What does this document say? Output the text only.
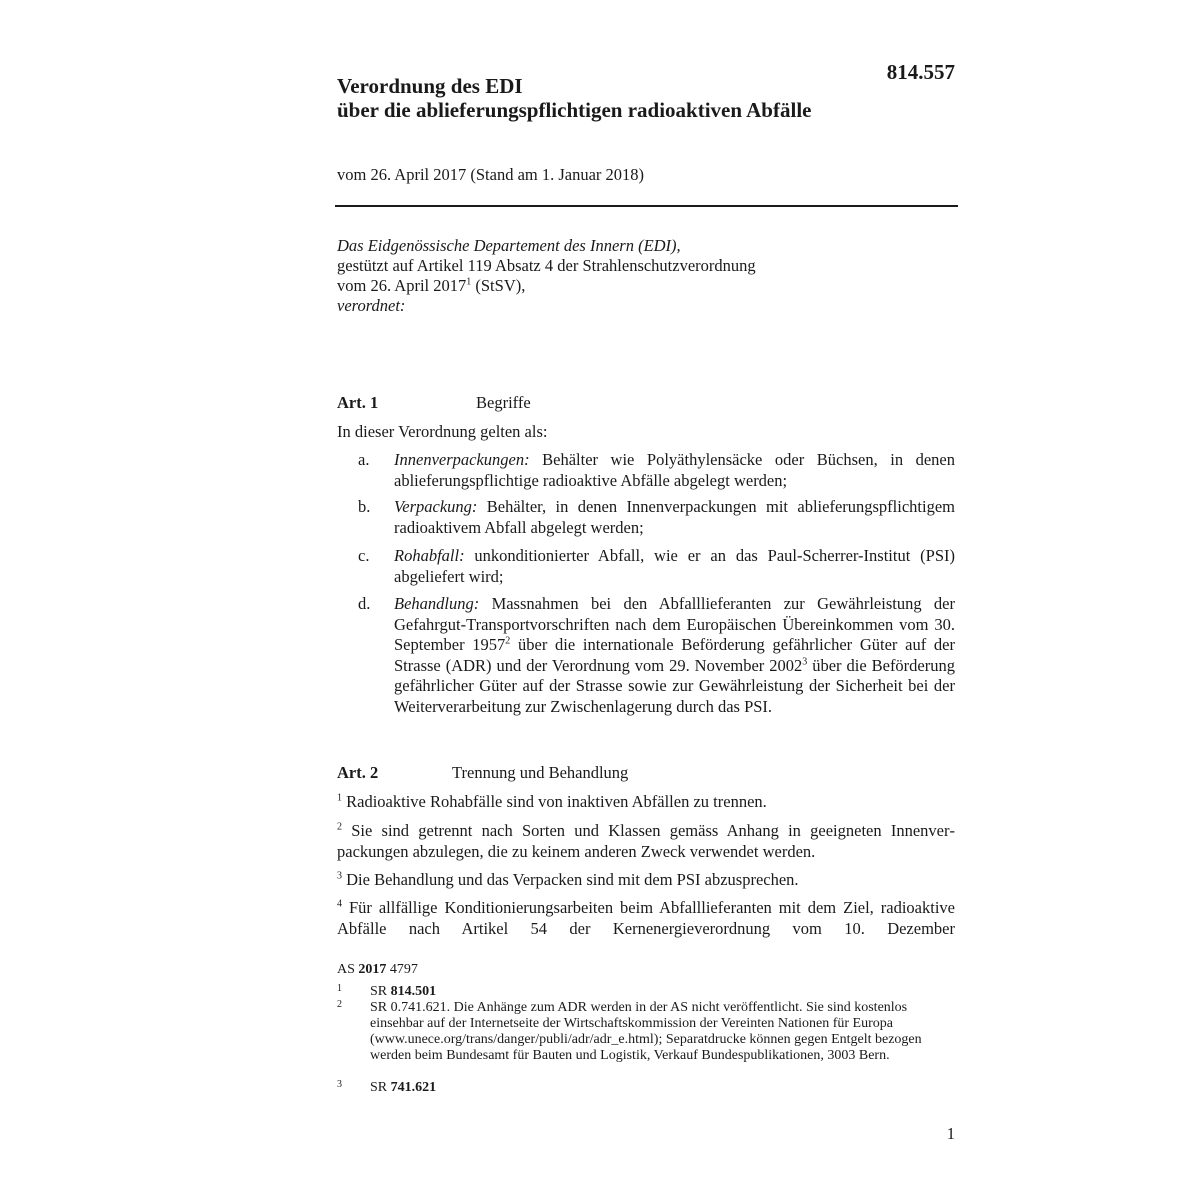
814.557
Verordnung des EDI
über die ablieferungspflichtigen radioaktiven Abfälle
vom 26. April 2017 (Stand am 1. Januar 2018)
Das Eidgenössische Departement des Innern (EDI),
gestützt auf Artikel 119 Absatz 4 der Strahlenschutzverordnung
vom 26. April 2017$^1$ (StSV),
verordnet:
Art. 1	Begriffe
In dieser Verordnung gelten als:
a. Innenverpackungen: Behälter wie Polyäthylensäcke oder Büchsen, in denen ablieferungspflichtige radioaktive Abfälle abgelegt werden;
b. Verpackung: Behälter, in denen Innenverpackungen mit ablieferungspflichtigem radioaktivem Abfall abgelegt werden;
c. Rohabfall: unkonditionierter Abfall, wie er an das Paul-Scherrer-Institut (PSI) abgeliefert wird;
d. Behandlung: Massnahmen bei den Abfalllieferanten zur Gewährleistung der Gefahrgut-Transportvorschriften nach dem Europäischen Übereinkommen vom 30. September 1957$^2$ über die internationale Beförderung gefährlicher Güter auf der Strasse (ADR) und der Verordnung vom 29. November 2002$^3$ über die Beförderung gefährlicher Güter auf der Strasse sowie zur Gewährleistung der Sicherheit bei der Weiterverarbeitung zur Zwischenlagerung durch das PSI.
Art. 2	Trennung und Behandlung
$^1$ Radioaktive Rohabfälle sind von inaktiven Abfällen zu trennen.
$^2$ Sie sind getrennt nach Sorten und Klassen gemäss Anhang in geeigneten Innenverpackungen abzulegen, die zu keinem anderen Zweck verwendet werden.
$^3$ Die Behandlung und das Verpacken sind mit dem PSI abzusprechen.
$^4$ Für allfällige Konditionierungsarbeiten beim Abfalllieferanten mit dem Ziel, radioaktive Abfälle nach Artikel 54 der Kernenergieverordnung vom 10. Dezember
AS 2017 4797
1 SR 814.501
2 SR 0.741.621. Die Anhänge zum ADR werden in der AS nicht veröffentlicht. Sie sind kostenlos einsehbar auf der Internetseite der Wirtschaftskommission der Vereinten Nationen für Europa (www.unece.org/trans/danger/publi/adr/adr_e.html); Separatdrucke können gegen Entgelt bezogen werden beim Bundesamt für Bauten und Logistik, Verkauf Bundespublikationen, 3003 Bern.
3 SR 741.621
1
